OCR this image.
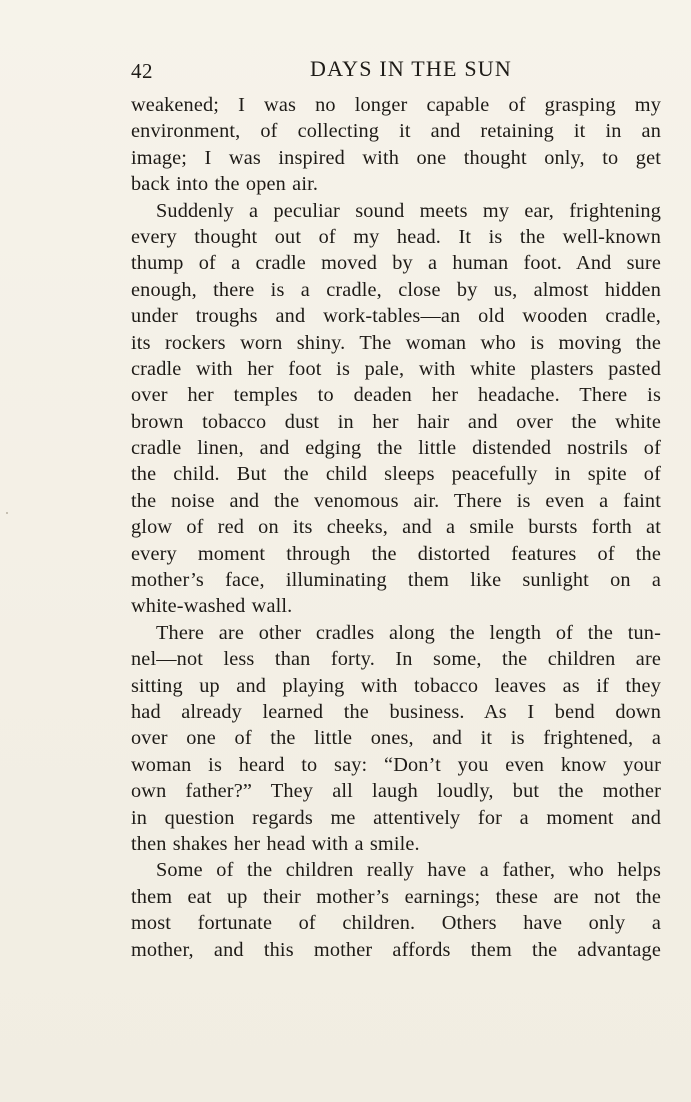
42	DAYS IN THE SUN
weakened; I was no longer capable of grasping my
environment, of collecting it and retaining it in an
image; I was inspired with one thought only, to get
back into the open air.
Suddenly a peculiar sound meets my ear, frightening
every thought out of my head. It is the well-known
thump of a cradle moved by a human foot. And sure
enough, there is a cradle, close by us, almost hidden
under troughs and work-tables—an old wooden cradle,
its rockers worn shiny. The woman who is moving the
cradle with her foot is pale, with white plasters pasted
over her temples to deaden her headache. There is
brown tobacco dust in her hair and over the white
cradle linen, and edging the little distended nostrils of
the child. But the child sleeps peacefully in spite of
the noise and the venomous air. There is even a faint
glow of red on its cheeks, and a smile bursts forth at
every moment through the distorted features of the
mother’s face, illuminating them like sunlight on a
white-washed wall.
There are other cradles along the length of the tun-
nel—not less than forty. In some, the children are
sitting up and playing with tobacco leaves as if they
had already learned the business. As I bend down
over one of the little ones, and it is frightened, a
woman is heard to say: “Don’t you even know your
own father?” They all laugh loudly, but the mother
in question regards me attentively for a moment and
then shakes her head with a smile.
Some of the children really have a father, who helps
them eat up their mother’s earnings; these are not the
most fortunate of children. Others have only a
mother, and this mother affords them the advantage
